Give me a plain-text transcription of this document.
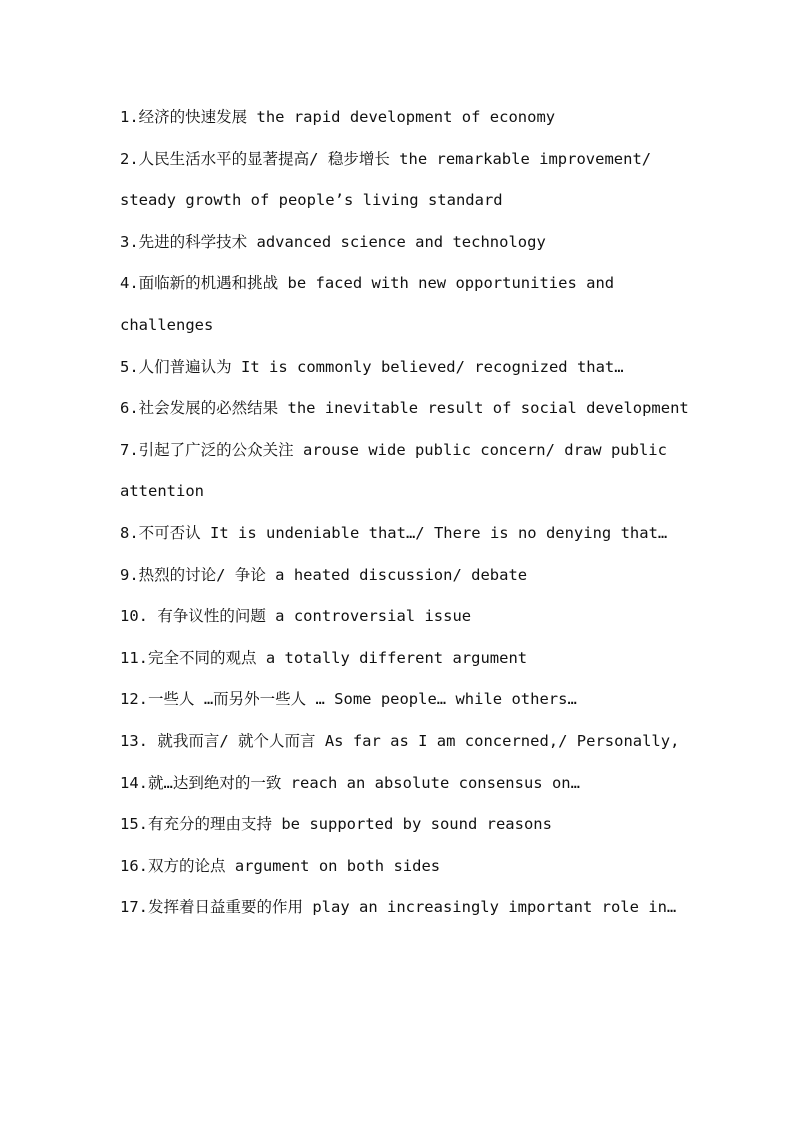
1.经济的快速发展 the rapid development of economy

2.人民生活水平的显著提高/ 稳步增长 the remarkable improvement/ steady growth of people’s living standard

3.先进的科学技术 advanced science and technology

4.面临新的机遇和挑战 be faced with new opportunities and challenges

5.人们普遍认为 It is commonly believed/ recognized that…

6.社会发展的必然结果 the inevitable result of social development

7.引起了广泛的公众关注 arouse wide public concern/ draw public attention

8.不可否认 It is undeniable that…/ There is no denying that…

9.热烈的讨论/ 争论 a heated discussion/ debate

10. 有争议性的问题 a controversial issue

11.完全不同的观点 a totally different argument

12.一些人 …而另外一些人 … Some people… while others…

13. 就我而言/ 就个人而言 As far as I am concerned,/ Personally,

14.就…达到绝对的一致 reach an absolute consensus on…

15.有充分的理由支持 be supported by sound reasons

16.双方的论点 argument on both sides

17.发挥着日益重要的作用 play an increasingly important role in…
